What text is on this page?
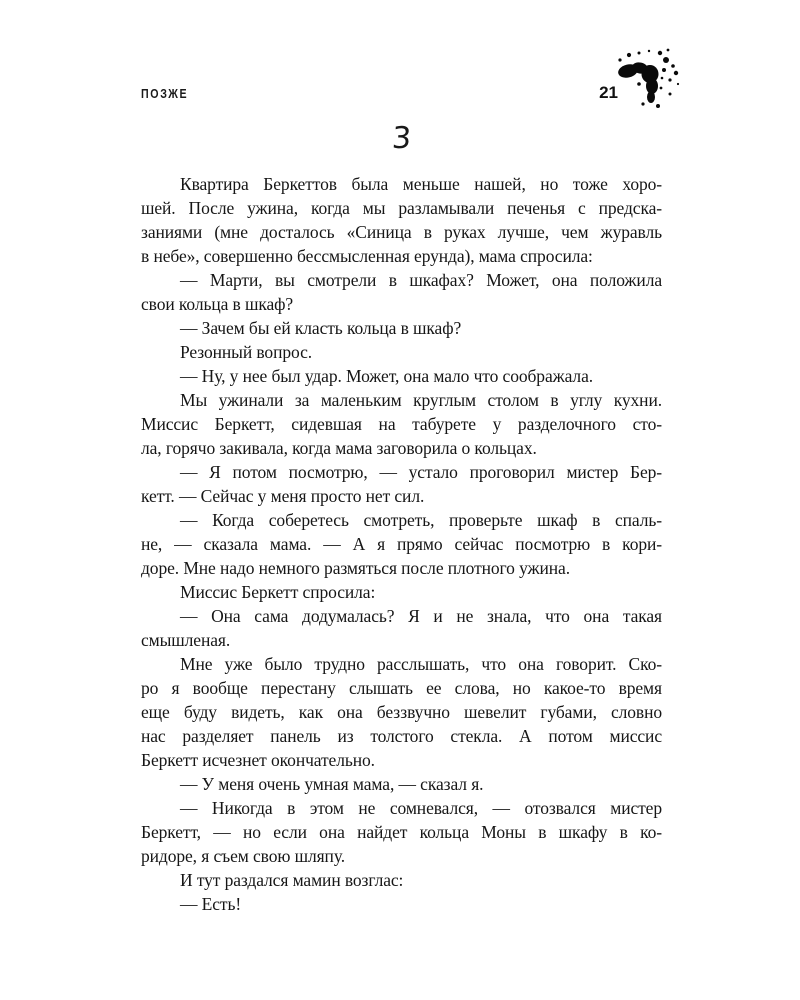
ПОЗЖЕ	21
3
Квартира Беркеттов была меньше нашей, но тоже хоро-
шей. После ужина, когда мы разламывали печенья с предска-
заниями (мне досталось «Синица в руках лучше, чем журавль
в небе», совершенно бессмысленная ерунда), мама спросила:
— Марти, вы смотрели в шкафах? Может, она положила
свои кольца в шкаф?
— Зачем бы ей класть кольца в шкаф?
Резонный вопрос.
— Ну, у нее был удар. Может, она мало что соображала.
Мы ужинали за маленьким круглым столом в углу кухни.
Миссис Беркетт, сидевшая на табурете у разделочного сто-
ла, горячо закивала, когда мама заговорила о кольцах.
— Я потом посмотрю, — устало проговорил мистер Бер-
кетт. — Сейчас у меня просто нет сил.
— Когда соберетесь смотреть, проверьте шкаф в спаль-
не, — сказала мама. — А я прямо сейчас посмотрю в кори-
доре. Мне надо немного размяться после плотного ужина.
Миссис Беркетт спросила:
— Она сама додумалась? Я и не знала, что она такая
смышленая.
Мне уже было трудно расслышать, что она говорит. Ско-
ро я вообще перестану слышать ее слова, но какое-то время
еще буду видеть, как она беззвучно шевелит губами, словно
нас разделяет панель из толстого стекла. А потом миссис
Беркетт исчезнет окончательно.
— У меня очень умная мама, — сказал я.
— Никогда в этом не сомневался, — отозвался мистер
Беркетт, — но если она найдет кольца Моны в шкафу в ко-
ридоре, я съем свою шляпу.
И тут раздался мамин возглас:
— Есть!
